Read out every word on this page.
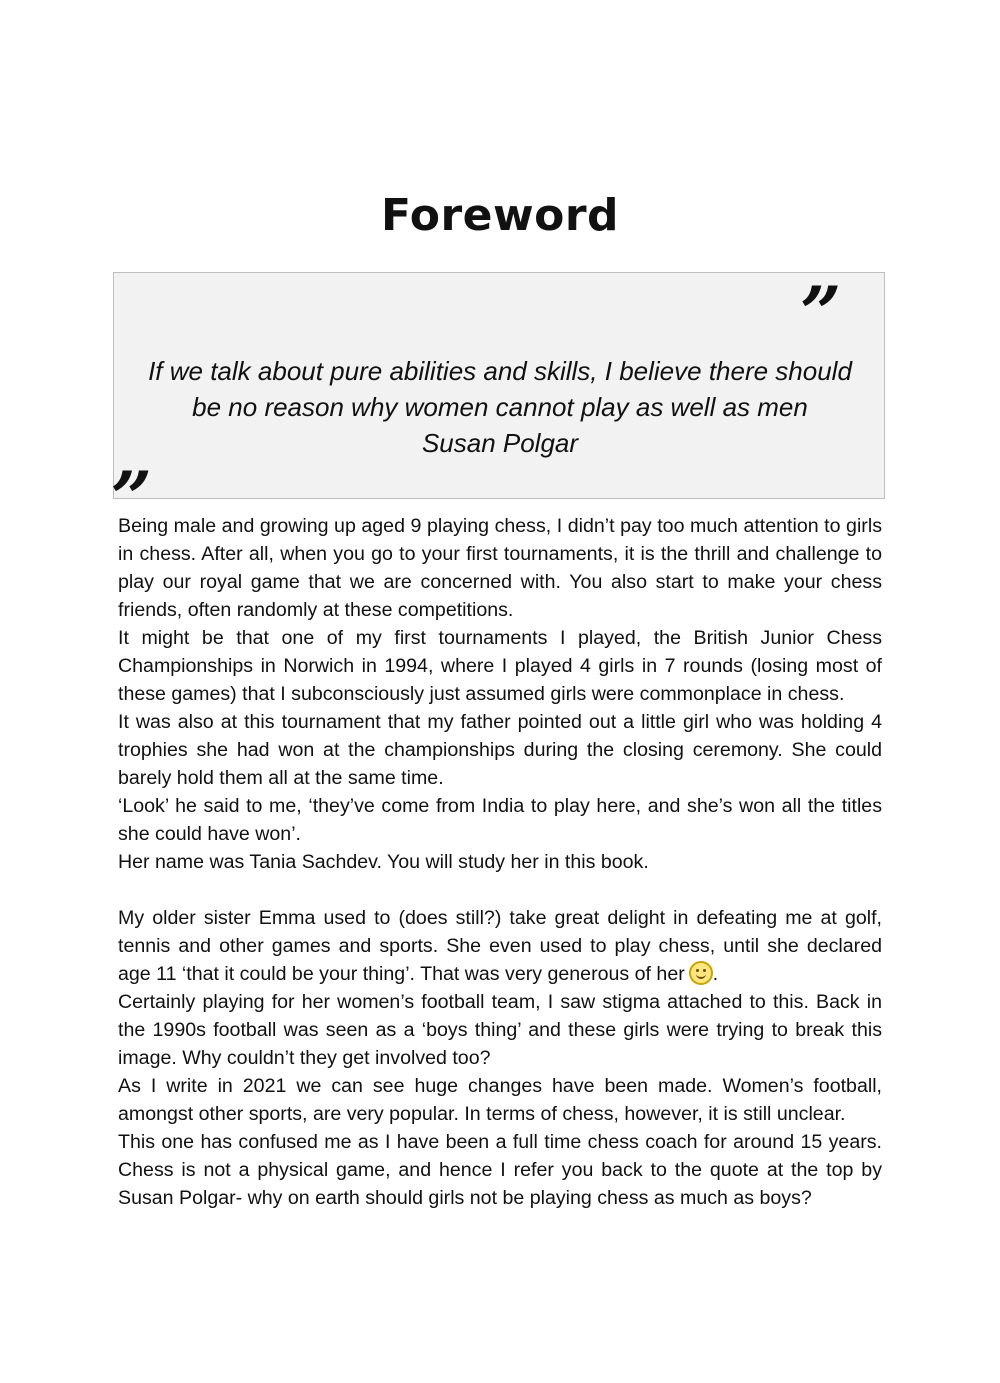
Foreword
”
If we talk about pure abilities and skills, I believe there should
be no reason why women cannot play as well as men
Susan Polgar
„

Being male and growing up aged 9 playing chess, I didn’t pay too much attention to girls in chess. After all, when you go to your first tournaments, it is the thrill and challenge to play our royal game that we are concerned with. You also start to make your chess friends, often randomly at these competitions.

It might be that one of my first tournaments I played, the British Junior Chess Championships in Norwich in 1994, where I played 4 girls in 7 rounds (losing most of these games) that I subconsciously just assumed girls were commonplace in chess.

It was also at this tournament that my father pointed out a little girl who was holding 4 trophies she had won at the championships during the closing ceremony. She could barely hold them all at the same time.

‘Look’ he said to me, ‘they’ve come from India to play here, and she’s won all the titles she could have won’.

Her name was Tania Sachdev. You will study her in this book.

My older sister Emma used to (does still?) take great delight in defeating me at golf, tennis and other games and sports. She even used to play chess, until she declared age 11 ‘that it could be your thing’. That was very generous of her .

Certainly playing for her women’s football team, I saw stigma attached to this. Back in the 1990s football was seen as a ‘boys thing’ and these girls were trying to break this image. Why couldn’t they get involved too?

As I write in 2021 we can see huge changes have been made. Women’s football, amongst other sports, are very popular. In terms of chess, however, it is still unclear.

This one has confused me as I have been a full time chess coach for around 15 years. Chess is not a physical game, and hence I refer you back to the quote at the top by Susan Polgar- why on earth should girls not be playing chess as much as boys?
